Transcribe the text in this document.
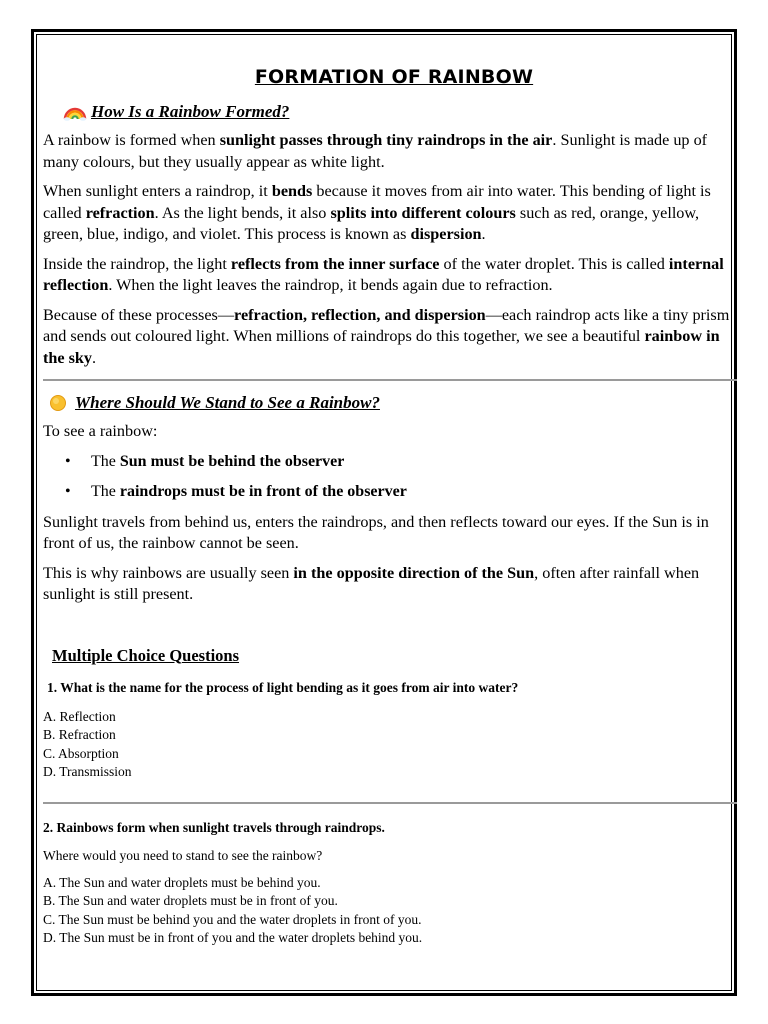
FORMATION OF RAINBOW
How Is a Rainbow Formed?

A rainbow is formed when sunlight passes through tiny raindrops in the air. Sunlight is made up of many colours, but they usually appear as white light.

When sunlight enters a raindrop, it bends because it moves from air into water. This bending of light is called refraction. As the light bends, it also splits into different colours such as red, orange, yellow, green, blue, indigo, and violet. This process is known as dispersion.

Inside the raindrop, the light reflects from the inner surface of the water droplet. This is called internal reflection. When the light leaves the raindrop, it bends again due to refraction.

Because of these processes—refraction, reflection, and dispersion—each raindrop acts like a tiny prism and sends out coloured light. When millions of raindrops do this together, we see a beautiful rainbow in the sky.

Where Should We Stand to See a Rainbow?

To see a rainbow:

• The Sun must be behind the observer
• The raindrops must be in front of the observer

Sunlight travels from behind us, enters the raindrops, and then reflects toward our eyes. If the Sun is in front of us, the rainbow cannot be seen.

This is why rainbows are usually seen in the opposite direction of the Sun, often after rainfall when sunlight is still present.

Multiple Choice Questions
1. What is the name for the process of light bending as it goes from air into water?
A. Reflection
B. Refraction
C. Absorption
D. Transmission
2. Rainbows form when sunlight travels through raindrops.
Where would you need to stand to see the rainbow?
A. The Sun and water droplets must be behind you.
B. The Sun and water droplets must be in front of you.
C. The Sun must be behind you and the water droplets in front of you.
D. The Sun must be in front of you and the water droplets behind you.
